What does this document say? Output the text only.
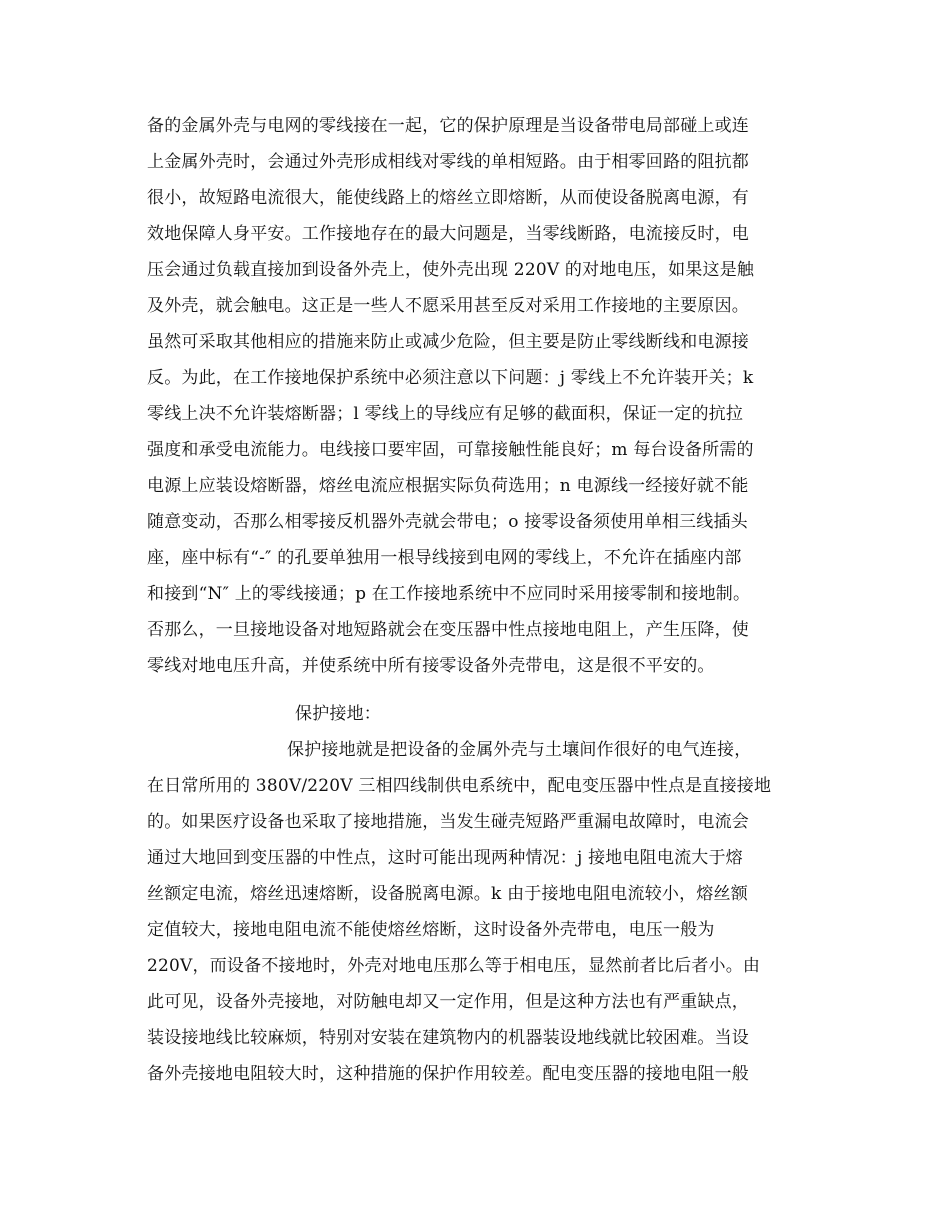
备的金属外壳与电网的零线接在一起，它的保护原理是当设备带电局部碰上或连
上金属外壳时，会通过外壳形成相线对零线的单相短路。由于相零回路的阻抗都
很小，故短路电流很大，能使线路上的熔丝立即熔断，从而使设备脱离电源，有
效地保障人身平安。工作接地存在的最大问题是，当零线断路，电流接反时，电
压会通过负载直接加到设备外壳上，使外壳出现 220V 的对地电压，如果这是触
及外壳，就会触电。这正是一些人不愿采用甚至反对采用工作接地的主要原因。
虽然可采取其他相应的措施来防止或减少危险，但主要是防止零线断线和电源接
反。为此，在工作接地保护系统中必须注意以下问题：j 零线上不允许装开关；k
零线上决不允许装熔断器；l 零线上的导线应有足够的截面积，保证一定的抗拉
强度和承受电流能力。电线接口要牢固，可靠接触性能良好；m 每台设备所需的
电源上应装设熔断器，熔丝电流应根据实际负荷选用；n 电源线一经接好就不能
随意变动，否那么相零接反机器外壳就会带电；o 接零设备须使用单相三线插头
座，座中标有“-″ 的孔要单独用一根导线接到电网的零线上，不允许在插座内部
和接到“N″ 上的零线接通；p 在工作接地系统中不应同时采用接零制和接地制。
否那么，一旦接地设备对地短路就会在变压器中性点接地电阻上，产生压降，使
零线对地电压升高，并使系统中所有接零设备外壳带电，这是很不平安的。
保护接地：
保护接地就是把设备的金属外壳与土壤间作很好的电气连接，
在日常所用的 380V/220V 三相四线制供电系统中，配电变压器中性点是直接接地
的。如果医疗设备也采取了接地措施，当发生碰壳短路严重漏电故障时，电流会
通过大地回到变压器的中性点，这时可能出现两种情况：j 接地电阻电流大于熔
丝额定电流，熔丝迅速熔断，设备脱离电源。k 由于接地电阻电流较小，熔丝额
定值较大，接地电阻电流不能使熔丝熔断，这时设备外壳带电，电压一般为
220V，而设备不接地时，外壳对地电压那么等于相电压，显然前者比后者小。由
此可见，设备外壳接地，对防触电却又一定作用，但是这种方法也有严重缺点，
装设接地线比较麻烦，特别对安装在建筑物内的机器装设地线就比较困难。当设
备外壳接地电阻较大时，这种措施的保护作用较差。配电变压器的接地电阻一般
